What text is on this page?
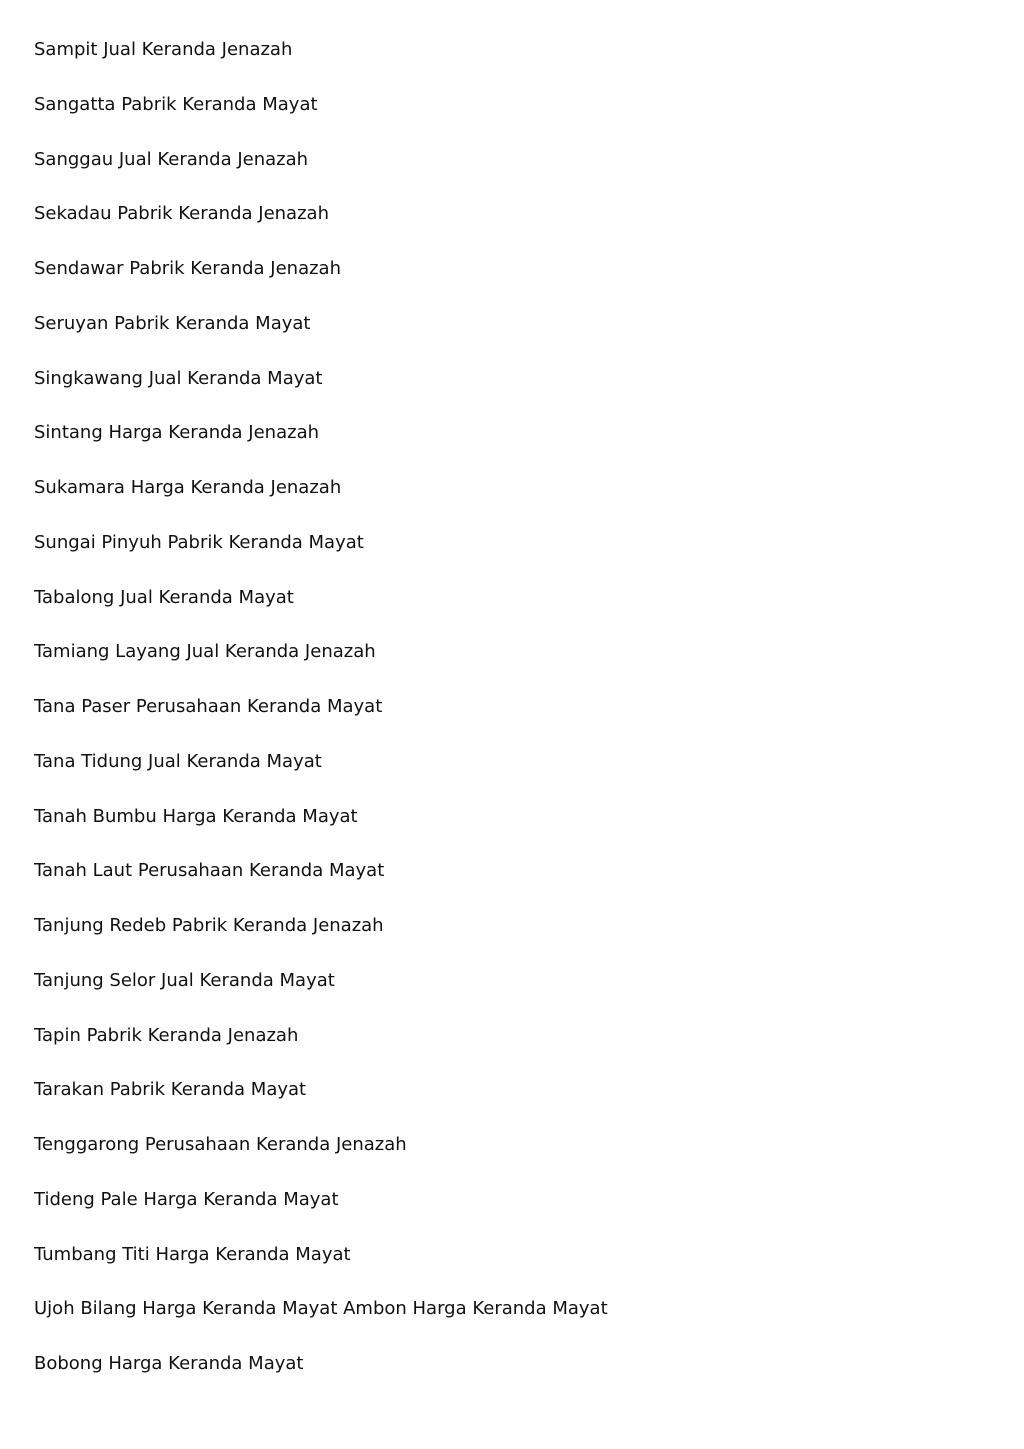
Sampit Jual Keranda Jenazah
Sangatta Pabrik Keranda Mayat
Sanggau Jual Keranda Jenazah
Sekadau Pabrik Keranda Jenazah
Sendawar Pabrik Keranda Jenazah
Seruyan Pabrik Keranda Mayat
Singkawang Jual Keranda Mayat
Sintang Harga Keranda Jenazah
Sukamara Harga Keranda Jenazah
Sungai Pinyuh Pabrik Keranda Mayat
Tabalong Jual Keranda Mayat
Tamiang Layang Jual Keranda Jenazah
Tana Paser Perusahaan Keranda Mayat
Tana Tidung Jual Keranda Mayat
Tanah Bumbu Harga Keranda Mayat
Tanah Laut Perusahaan Keranda Mayat
Tanjung Redeb Pabrik Keranda Jenazah
Tanjung Selor Jual Keranda Mayat
Tapin Pabrik Keranda Jenazah
Tarakan Pabrik Keranda Mayat
Tenggarong Perusahaan Keranda Jenazah
Tideng Pale Harga Keranda Mayat
Tumbang Titi Harga Keranda Mayat
Ujoh Bilang Harga Keranda Mayat Ambon Harga Keranda Mayat
Bobong Harga Keranda Mayat
